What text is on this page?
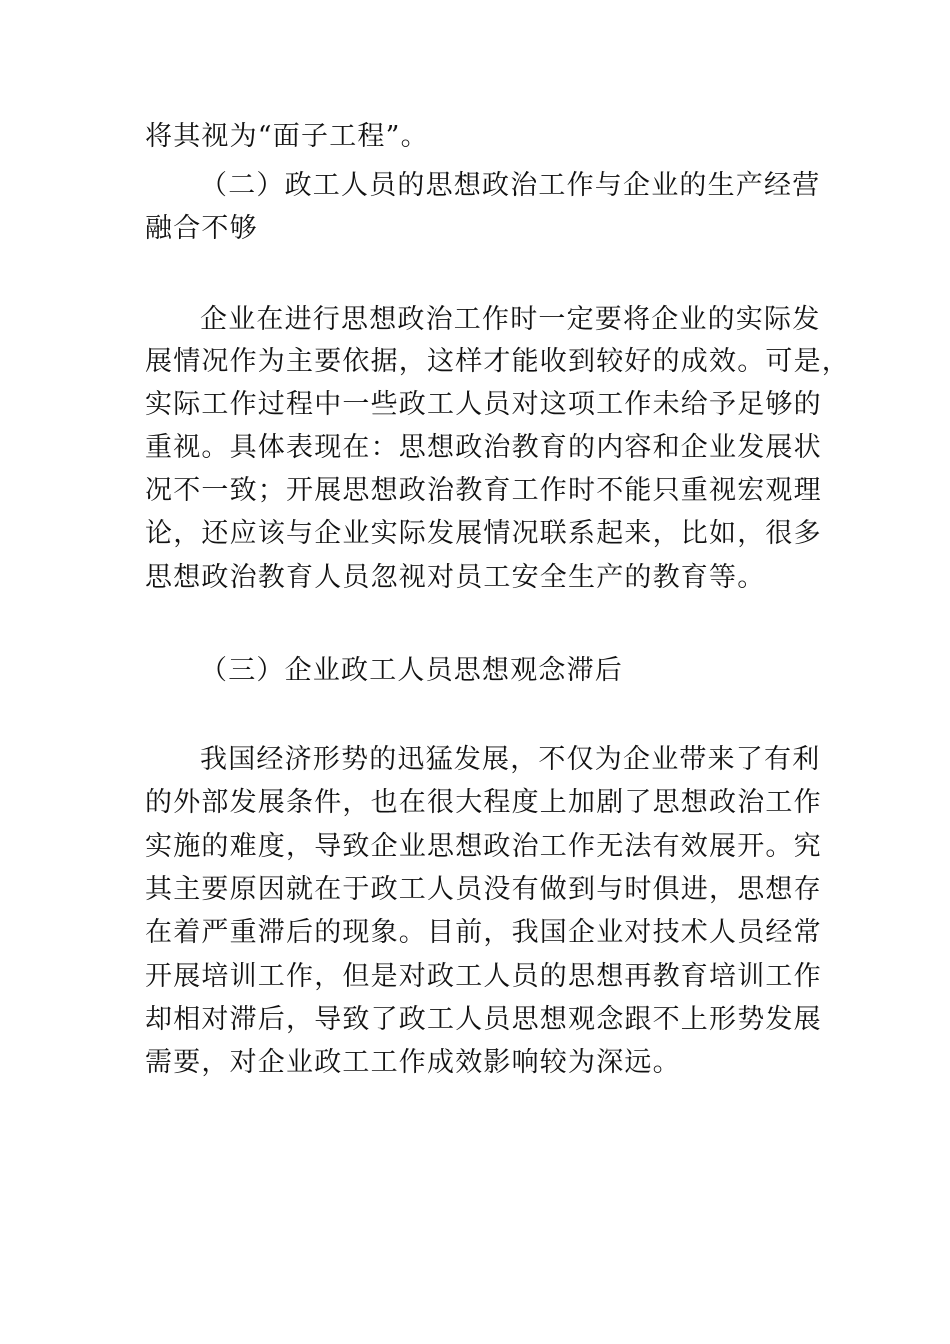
将其视为“面子工程”。
（二）政工人员的思想政治工作与企业的生产经营
融合不够
企业在进行思想政治工作时一定要将企业的实际发
展情况作为主要依据，这样才能收到较好的成效。可是，
实际工作过程中一些政工人员对这项工作未给予足够的
重视。具体表现在：思想政治教育的内容和企业发展状
况不一致；开展思想政治教育工作时不能只重视宏观理
论，还应该与企业实际发展情况联系起来，比如，很多
思想政治教育人员忽视对员工安全生产的教育等。
（三）企业政工人员思想观念滞后
我国经济形势的迅猛发展，不仅为企业带来了有利
的外部发展条件，也在很大程度上加剧了思想政治工作
实施的难度，导致企业思想政治工作无法有效展开。究
其主要原因就在于政工人员没有做到与时俱进，思想存
在着严重滞后的现象。目前，我国企业对技术人员经常
开展培训工作，但是对政工人员的思想再教育培训工作
却相对滞后，导致了政工人员思想观念跟不上形势发展
需要，对企业政工工作成效影响较为深远。
